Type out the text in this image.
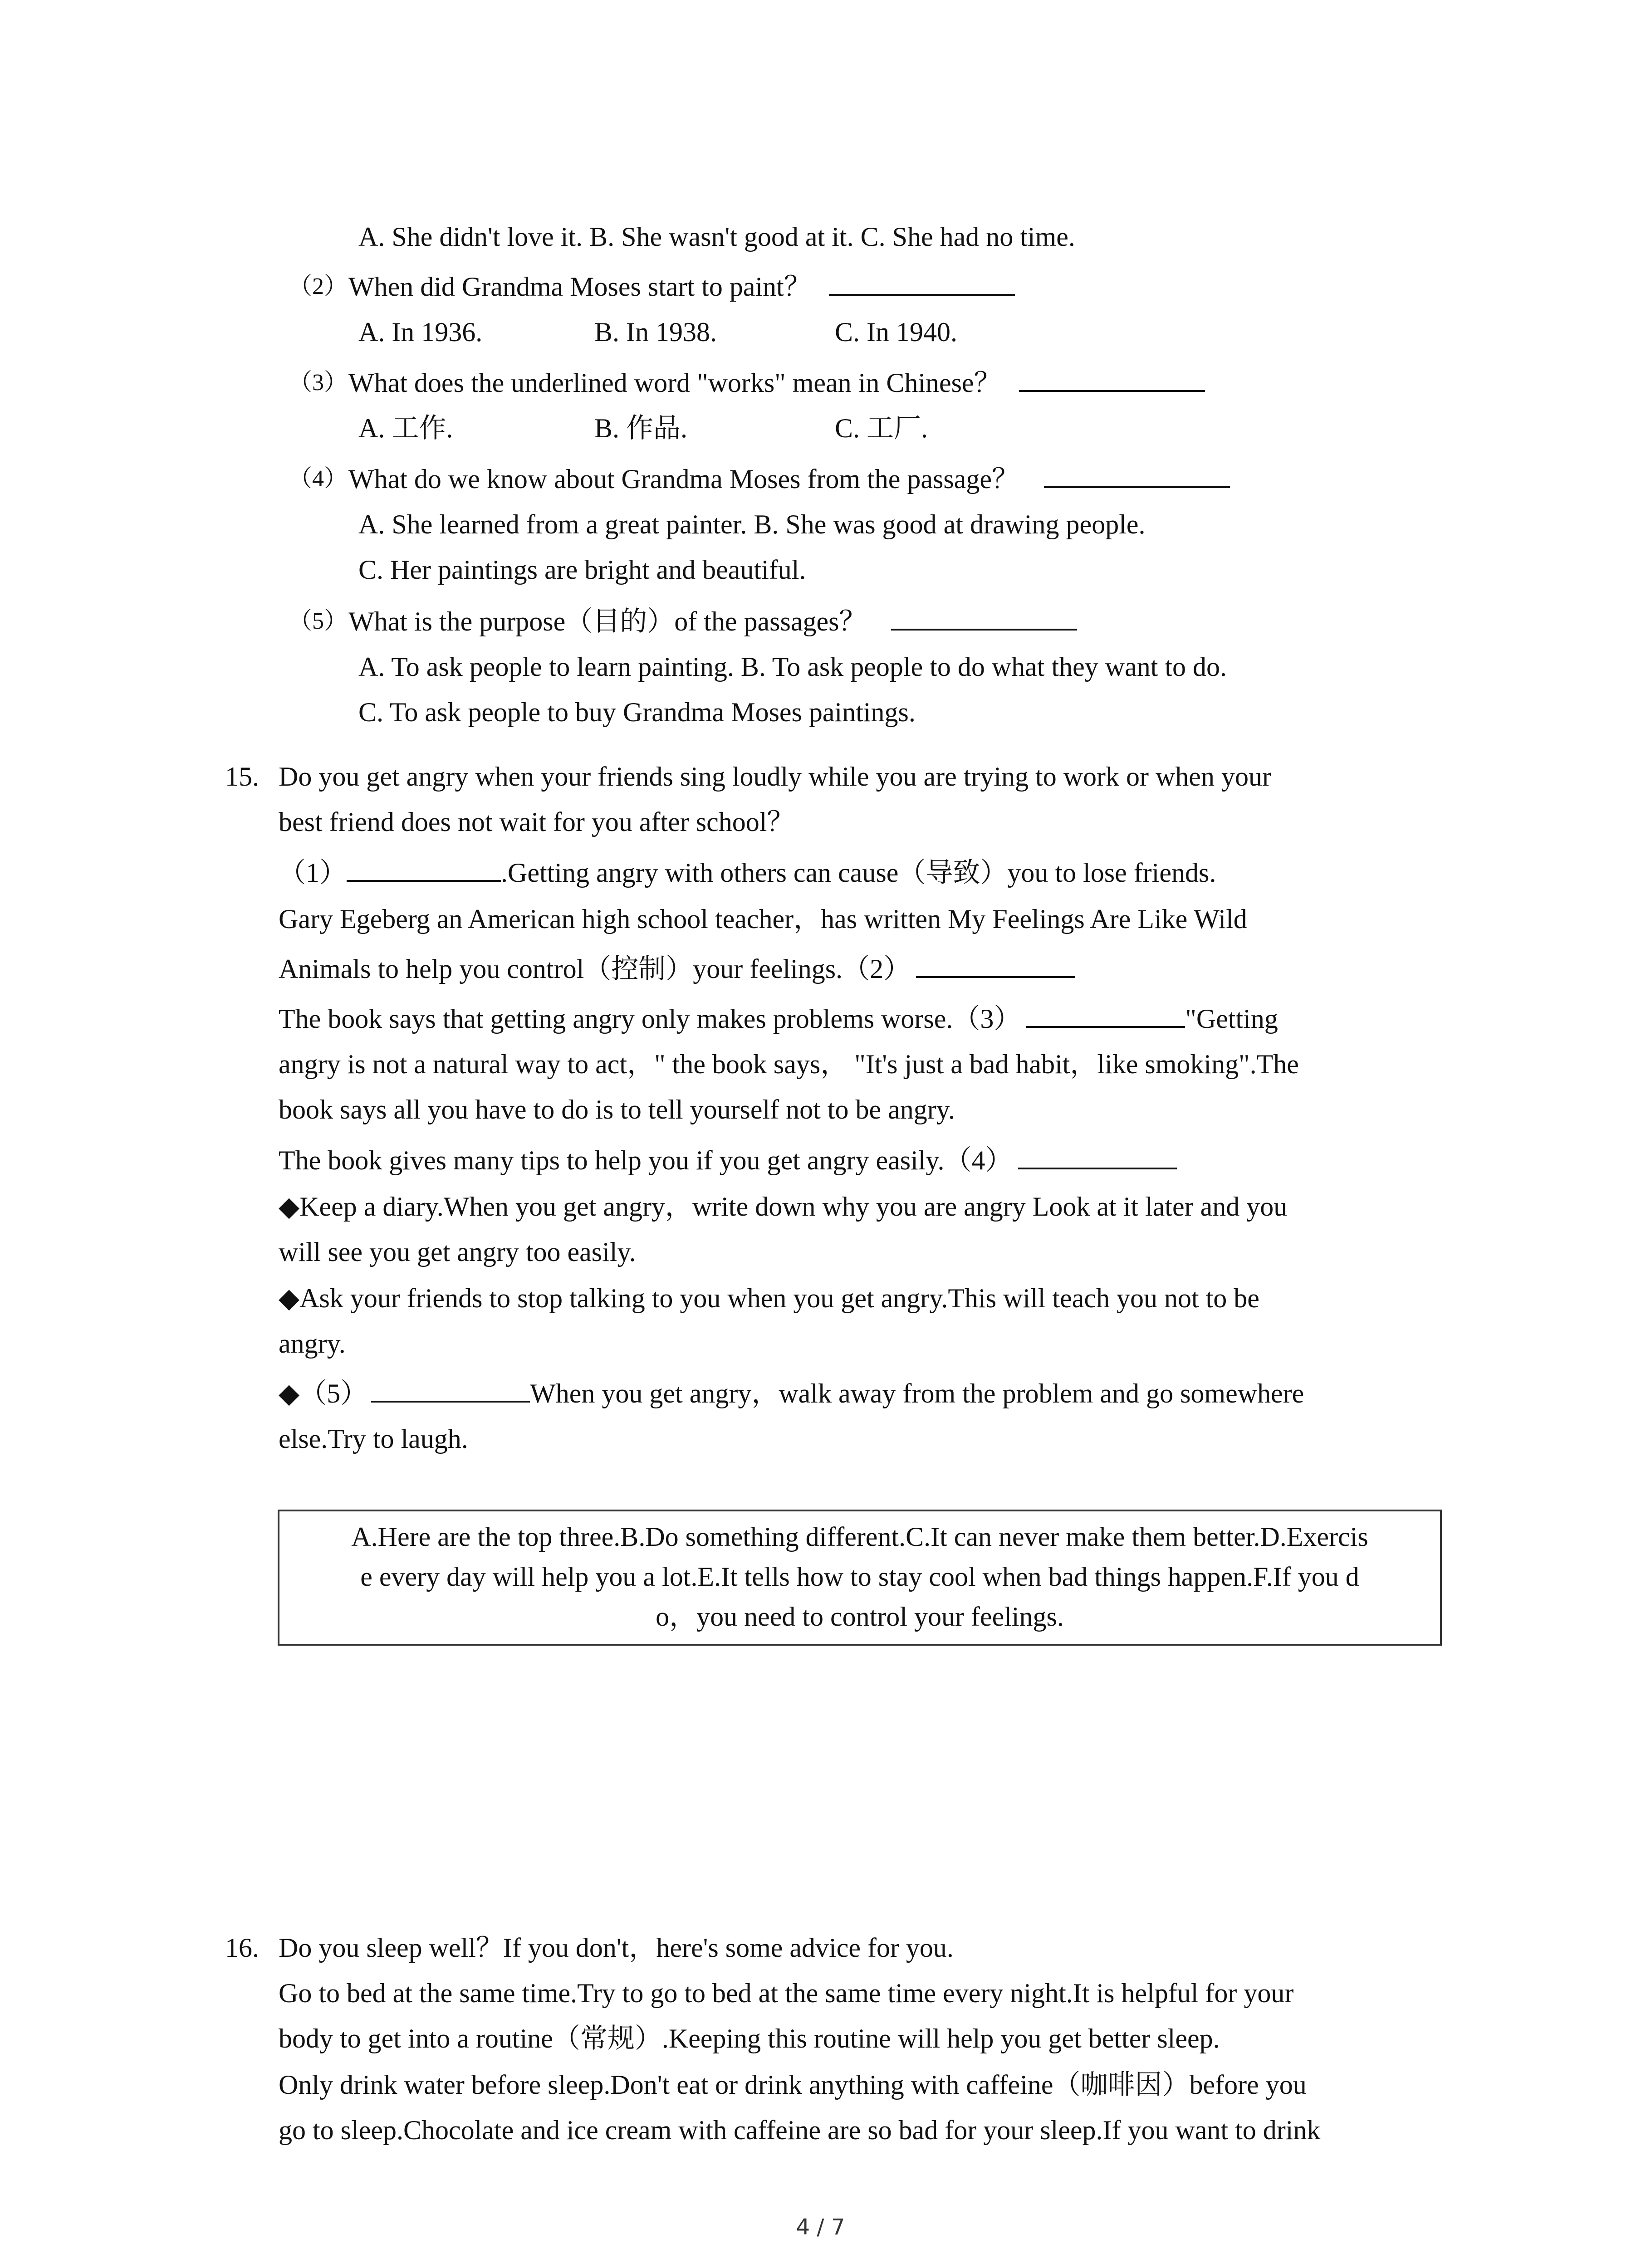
A. She didn't love it. B. She wasn't good at it. C. She had no time.
（2） When did Grandma Moses start to paint？
A. In 1936.	B. In 1938.	C. In 1940.
（3） What does the underlined word "works" mean in Chinese？
A. 工作.	B. 作品.	C. 工厂.
（4） What do we know about Grandma Moses from the passage？
A. She learned from a great painter. B. She was good at drawing people.
C. Her paintings are bright and beautiful.
（5） What is the purpose（目的）of the passages？
A. To ask people to learn painting. B. To ask people to do what they want to do.
C. To ask people to buy Grandma Moses paintings.
15. Do you get angry when your friends sing loudly while you are trying to work or when your
best friend does not wait for you after school？
（1）	.Getting angry with others can cause（导致）you to lose friends.
Gary Egeberg an American high school teacher，has written My Feelings Are Like Wild
Animals to help you control（控制）your feelings.（2）
The book says that getting angry only makes problems worse.（3）	"Getting
angry is not a natural way to act，" the book says， "It's just a bad habit，like smoking".The
book says all you have to do is to tell yourself not to be angry.
The book gives many tips to help you if you get angry easily.（4）
◆Keep a diary.When you get angry，write down why you are angry Look at it later and you
will see you get angry too easily.
◆Ask your friends to stop talking to you when you get angry.This will teach you not to be
angry.
◆（5）	When you get angry，walk away from the problem and go somewhere
else.Try to laugh.
A.Here are the top three.B.Do something different.C.It can never make them better.D.Exercis
e every day will help you a lot.E.It tells how to stay cool when bad things happen.F.If you d
o，you need to control your feelings.
16. Do you sleep well？If you don't，here's some advice for you.
Go to bed at the same time.Try to go to bed at the same time every night.It is helpful for your
body to get into a routine（常规）.Keeping this routine will help you get better sleep.
Only drink water before sleep.Don't eat or drink anything with caffeine（咖啡因）before you
go to sleep.Chocolate and ice cream with caffeine are so bad for your sleep.If you want to drink
4 / 7
